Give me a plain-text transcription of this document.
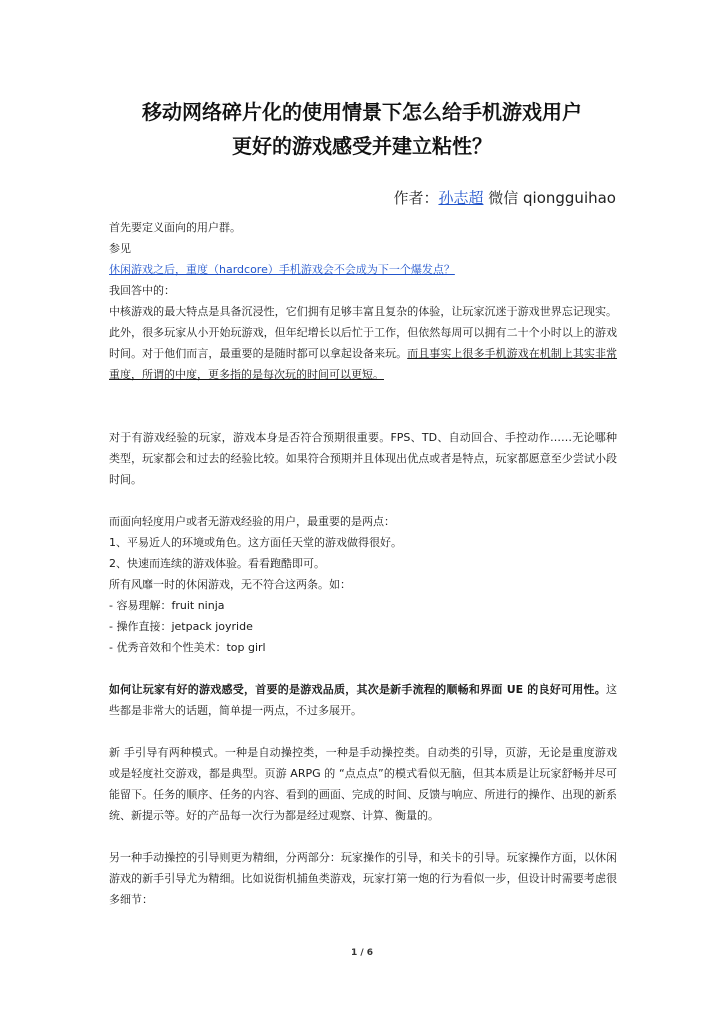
移动网络碎片化的使用情景下怎么给手机游戏用户
更好的游戏感受并建立粘性？
作者：孙志超 微信 qiongguihao

首先要定义面向的用户群。

参见

休闲游戏之后，重度（hardcore）手机游戏会不会成为下一个爆发点？

我回答中的：

中核游戏的最大特点是具备沉浸性，它们拥有足够丰富且复杂的体验，让玩家沉迷于游戏世界忘记现实。此外，很多玩家从小开始玩游戏，但年纪增长以后忙于工作，但依然每周可以拥有二十个小时以上的游戏时间。对于他们而言，最重要的是随时都可以拿起设备来玩。而且事实上很多手机游戏在机制上其实非常重度，所谓的中度，更多指的是每次玩的时间可以更短。

对于有游戏经验的玩家，游戏本身是否符合预期很重要。FPS、TD、自动回合、手控动作……无论哪种类型，玩家都会和过去的经验比较。如果符合预期并且体现出优点或者是特点，玩家都愿意至少尝试小段时间。

而面向轻度用户或者无游戏经验的用户，最重要的是两点：

1、平易近人的环境或角色。这方面任天堂的游戏做得很好。

2、快速而连续的游戏体验。看看跑酷即可。

所有风靡一时的休闲游戏，无不符合这两条。如：

- 容易理解：fruit ninja

- 操作直接：jetpack joyride

- 优秀音效和个性美术：top girl

如何让玩家有好的游戏感受，首要的是游戏品质，其次是新手流程的顺畅和界面 UE 的良好可用性。这些都是非常大的话题，简单提一两点，不过多展开。

新 手引导有两种模式。一种是自动操控类，一种是手动操控类。自动类的引导，页游，无论是重度游戏或是轻度社交游戏，都是典型。页游 ARPG 的 “点点点”的模式看似无脑，但其本质是让玩家舒畅并尽可能留下。任务的顺序、任务的内容、看到的画面、完成的时间、反馈与响应、所进行的操作、出现的新系 统、新提示等。好的产品每一次行为都是经过观察、计算、衡量的。

另一种手动操控的引导则更为精细，分两部分：玩家操作的引导，和关卡的引导。玩家操作方面，以休闲游戏的新手引导尤为精细。比如说街机捕鱼类游戏，玩家打第一炮的行为看似一步，但设计时需要考虑很多细节：

1 / 6
